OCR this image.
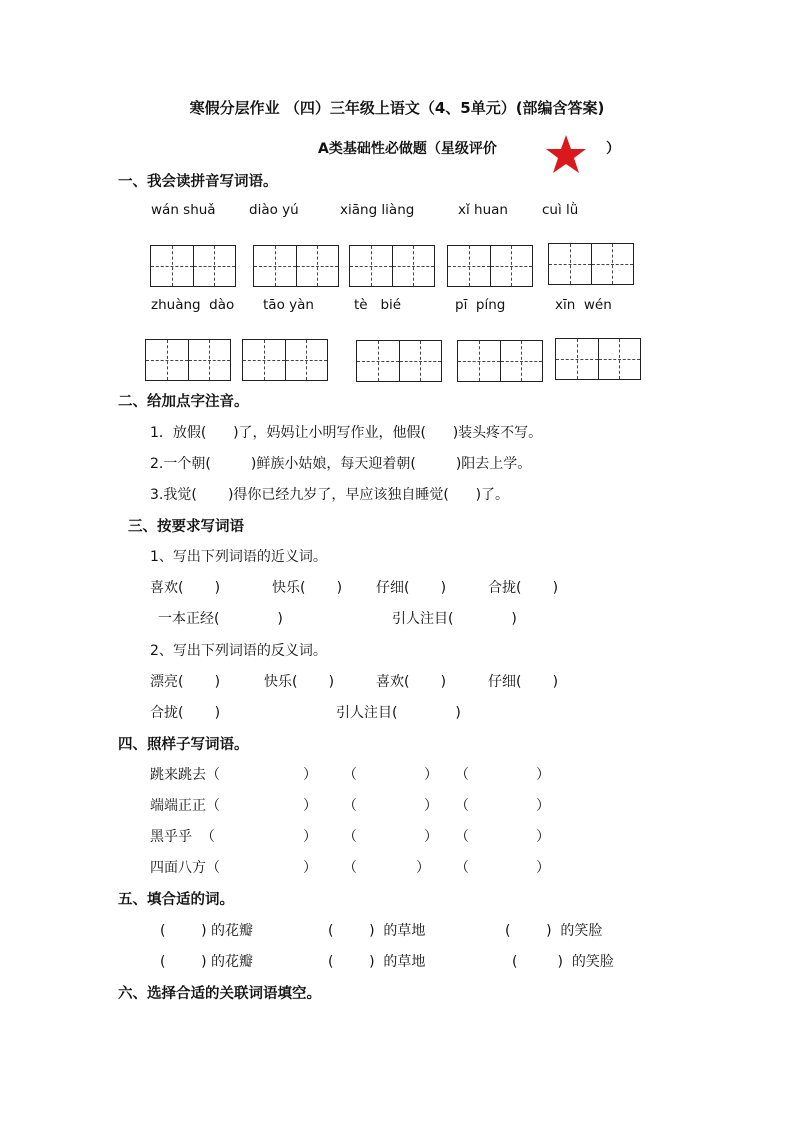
寒假分层作业 （四）三年级上语文（4、5单元）(部编含答案)
A类基础性必做题（星级评价	）
一、我会读拼音写词语。
wán shuǎ diào yú	xiāng liàng	xǐ huan	cuì lǜ
zhuàng  dào tāo yàn	tè   bié	pī  píng	xīn  wén
二、给加点字注音。
1．放假(      )了，妈妈让小明写作业，他假(      )装头疼不写。
2.一个朝(         )鲜族小姑娘，每天迎着朝(         )阳去上学。
3.我觉(       )得你已经九岁了，早应该独自睡觉(      )了。
三、按要求写词语
1、写出下列词语的近义词。
喜欢(       )	快乐(       ) 仔细(       )	合拢(       )
一本正经(             )	引人注目(             )
2、写出下列词语的反义词。
漂亮(       )	快乐(       )	喜欢(       )	仔细(       )
合拢(       )	引人注目(             )
四、照样子写词语。
跳来跳去（	） （	） （	）
端端正正（	） （	） （	）
黑乎乎  （	） （	） （	）
四面八方（	） （	） （	）
五、填合适的词。
(        ) 的花瓣	(        )  的草地	(        )  的笑脸
(        ) 的花瓣	(        )  的草地	(         )  的笑脸
六、选择合适的关联词语填空。
